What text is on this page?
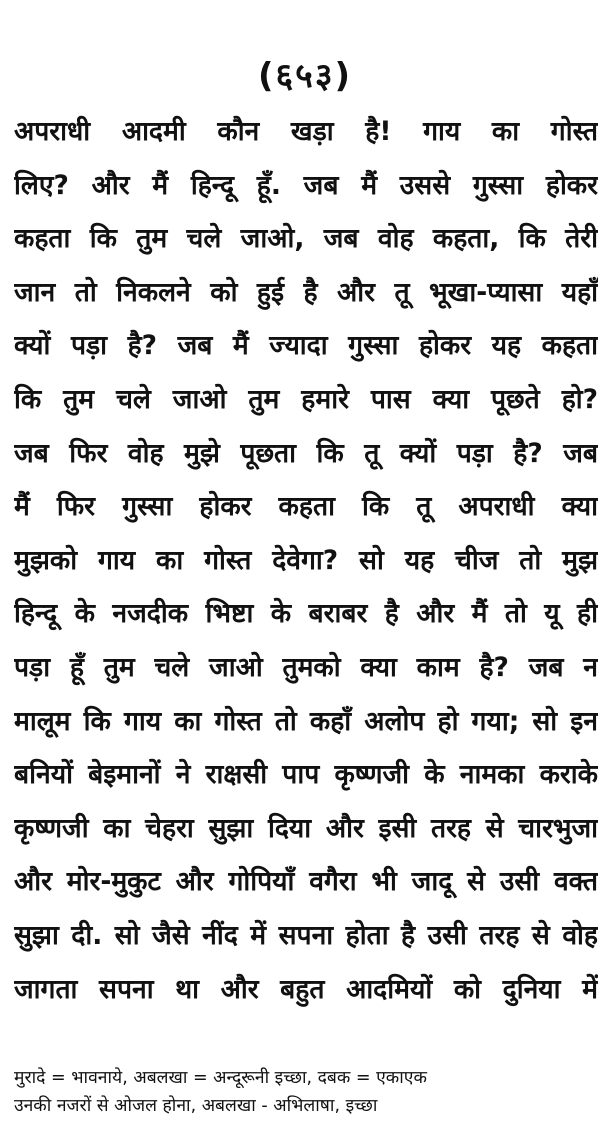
(६५३)
अपराधी आदमी कौन खड़ा है! गाय का गोस्त
लिए? और मैं हिन्दू हूँ. जब मैं उससे गुस्सा होकर
कहता कि तुम चले जाओ, जब वोह कहता, कि तेरी
जान तो निकलने को हुई है और तू भूखा-प्यासा यहाँ
क्यों पड़ा है? जब मैं ज्यादा गुस्सा होकर यह कहता
कि तुम चले जाओ तुम हमारे पास क्या पूछते हो?
जब फिर वोह मुझे पूछता कि तू क्यों पड़ा है? जब
मैं फिर गुस्सा होकर कहता कि तू अपराधी क्या
मुझको गाय का गोस्त देवेगा? सो यह चीज तो मुझ
हिन्दू के नजदीक भिष्टा के बराबर है और मैं तो यू ही
पड़ा हूँ तुम चले जाओ तुमको क्या काम है? जब न
मालूम कि गाय का गोस्त तो कहाँ अलोप हो गया; सो इन
बनियों बेइमानों ने राक्षसी पाप कृष्णजी के नामका कराके
कृष्णजी का चेहरा सुझा दिया और इसी तरह से चारभुजा
और मोर-मुकुट और गोपियाँ वगैरा भी जादू से उसी वक्त
सुझा दी. सो जैसे नींद में सपना होता है उसी तरह से वोह
जागता सपना था और बहुत आदमियों को दुनिया में
मुरादे = भावनाये, अबलखा = अन्दूरूनी इच्छा, दबक = एकाएक
उनकी नजरों से ओजल होना, अबलखा - अभिलाषा, इच्छा
